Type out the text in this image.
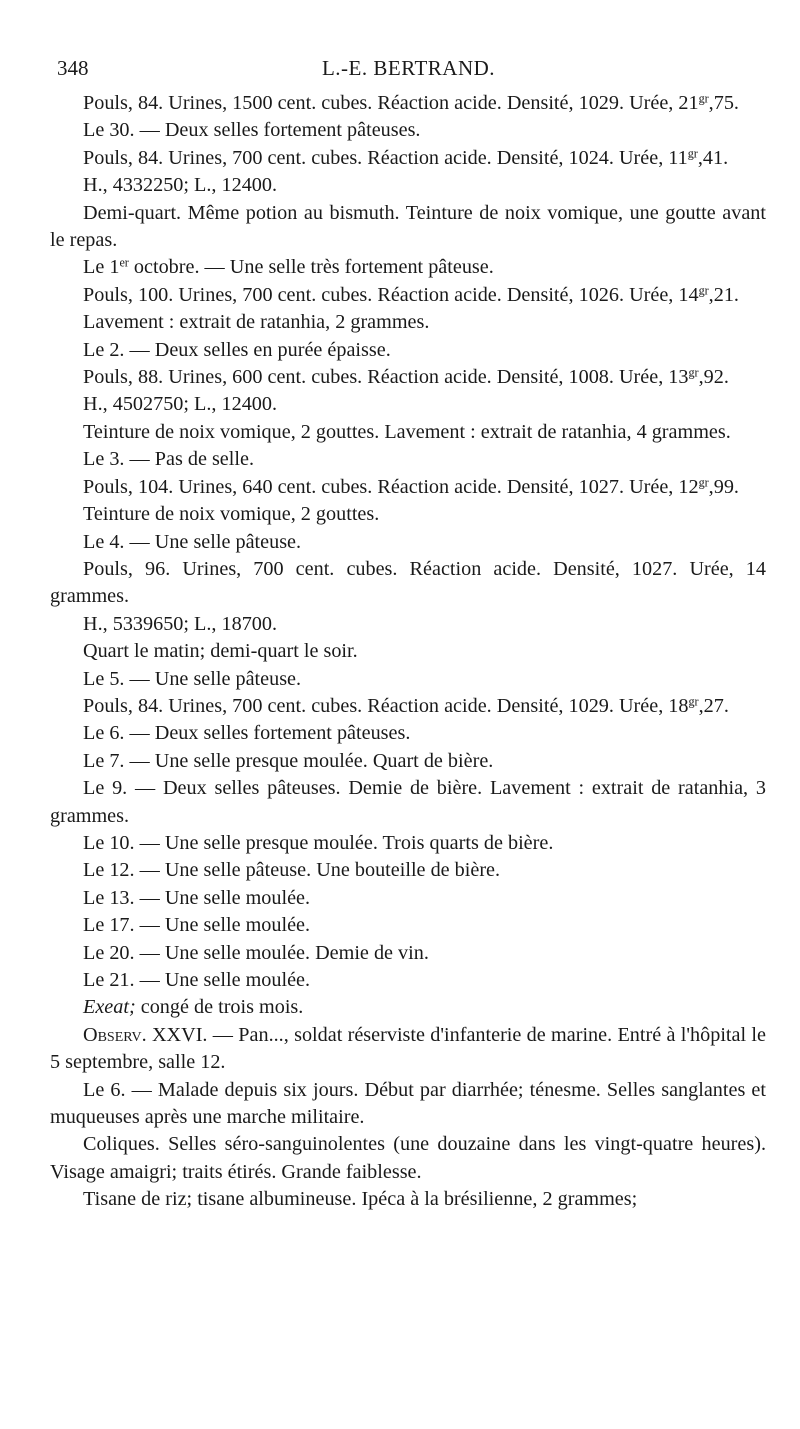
348	L.-E. BERTRAND.

Pouls, 84. Urines, 1500 cent. cubes. Réaction acide. Densité, 1029. Urée, $21^{gr},75$.

Le 30. — Deux selles fortement pâteuses.

Pouls, 84. Urines, 700 cent. cubes. Réaction acide. Densité, 1024. Urée, $11^{gr},41$.

H., 4332250; L., 12400.

Demi-quart. Même potion au bismuth. Teinture de noix vomique, une goutte avant le repas.

Le 1er octobre. — Une selle très fortement pâteuse.

Pouls, 100. Urines, 700 cent. cubes. Réaction acide. Densité, 1026. Urée, $14^{gr},21$.

Lavement : extrait de ratanhia, 2 grammes.

Le 2. — Deux selles en purée épaisse.

Pouls, 88. Urines, 600 cent. cubes. Réaction acide. Densité, 1008. Urée, $13^{gr},92$.

H., 4502750; L., 12400.

Teinture de noix vomique, 2 gouttes. Lavement : extrait de ratanhia, 4 grammes.

Le 3. — Pas de selle.

Pouls, 104. Urines, 640 cent. cubes. Réaction acide. Densité, 1027. Urée, $12^{gr},99$.

Teinture de noix vomique, 2 gouttes.

Le 4. — Une selle pâteuse.

Pouls, 96. Urines, 700 cent. cubes. Réaction acide. Densité, 1027. Urée, 14 grammes.

H., 5339650; L., 18700.

Quart le matin; demi-quart le soir.

Le 5. — Une selle pâteuse.

Pouls, 84. Urines, 700 cent. cubes. Réaction acide. Densité, 1029. Urée, $18^{gr},27$.

Le 6. — Deux selles fortement pâteuses.

Le 7. — Une selle presque moulée. Quart de bière.

Le 9. — Deux selles pâteuses. Demie de bière. Lavement : extrait de ratanhia, 3 grammes.

Le 10. — Une selle presque moulée. Trois quarts de bière.

Le 12. — Une selle pâteuse. Une bouteille de bière.

Le 13. — Une selle moulée.

Le 17. — Une selle moulée.

Le 20. — Une selle moulée. Demie de vin.

Le 21. — Une selle moulée.

Exeat; congé de trois mois.

Observ. XXVI. — Pan..., soldat réserviste d'infanterie de marine. Entré à l'hôpital le 5 septembre, salle 12.

Le 6. — Malade depuis six jours. Début par diarrhée; ténesme. Selles sanglantes et muqueuses après une marche militaire.

Coliques. Selles séro-sanguinolentes (une douzaine dans les vingt-quatre heures). Visage amaigri; traits étirés. Grande faiblesse.

Tisane de riz; tisane albumineuse. Ipéca à la brésilienne, 2 grammes;
